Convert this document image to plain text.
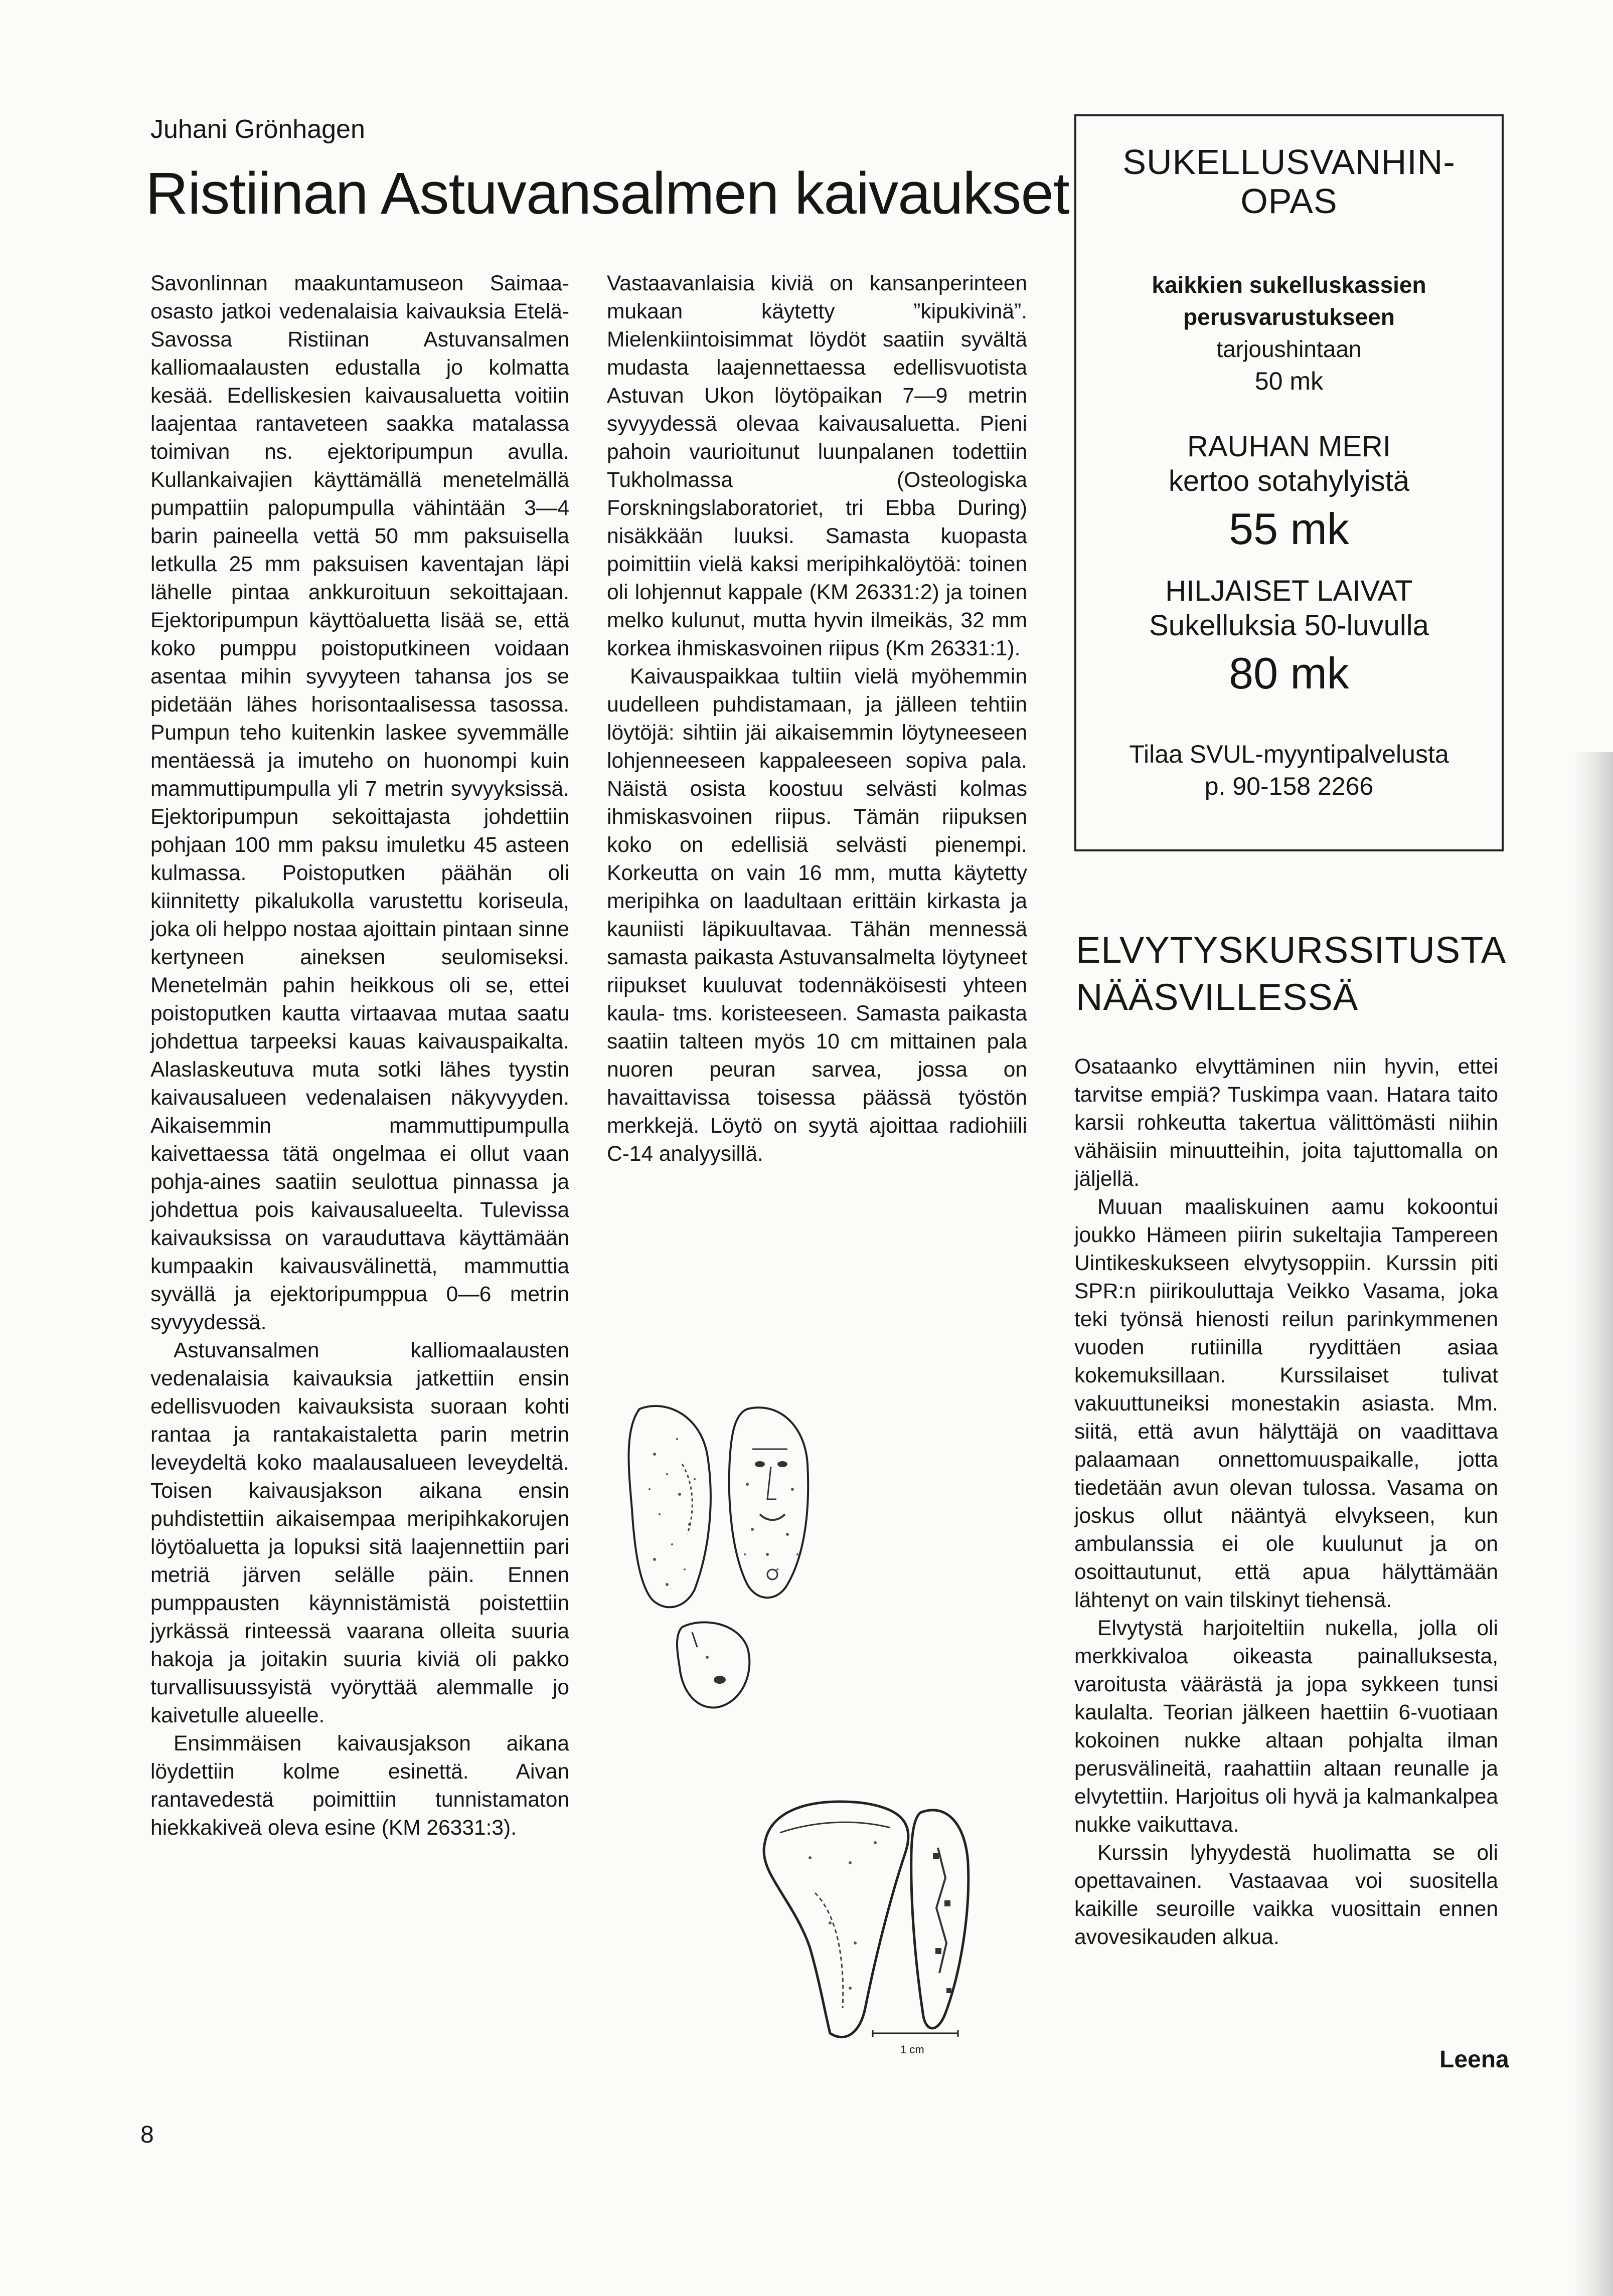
Juhani Grönhagen
Ristiinan Astuvansalmen kaivaukset

Savonlinnan maakuntamuseon Saimaa-osasto jatkoi vedenalaisia kaivauksia Etelä-Savossa Ristiinan Astuvansalmen kalliomaalausten edustalla jo kolmatta kesää. Edelliskesien kaivausaluetta voitiin laajentaa rantaveteen saakka matalassa toimivan ns. ejektoripumpun avulla. Kullankaivajien käyttämällä menetelmällä pumpattiin palopumpulla vähintään 3—4 barin paineella vettä 50 mm paksuisella letkulla 25 mm paksuisen kaventajan läpi lähelle pintaa ankkuroituun sekoittajaan. Ejektoripumpun käyttöaluetta lisää se, että koko pumppu poistoputkineen voidaan asentaa mihin syvyyteen tahansa jos se pidetään lähes horisontaalisessa tasossa. Pumpun teho kuitenkin laskee syvemmälle mentäessä ja imuteho on huonompi kuin mammuttipumpulla yli 7 metrin syvyyksissä. Ejektoripumpun sekoittajasta johdettiin pohjaan 100 mm paksu imuletku 45 asteen kulmassa. Poistoputken päähän oli kiinnitetty pikalukolla varustettu koriseula, joka oli helppo nostaa ajoittain pintaan sinne kertyneen aineksen seulomiseksi. Menetelmän pahin heikkous oli se, ettei poistoputken kautta virtaavaa mutaa saatu johdettua tarpeeksi kauas kaivauspaikalta. Alaslaskeutuva muta sotki lähes tyystin kaivausalueen vedenalaisen näkyvyyden. Aikaisemmin mammuttipumpulla kaivettaessa tätä ongelmaa ei ollut vaan pohja-aines saatiin seulottua pinnassa ja johdettua pois kaivausalueelta. Tulevissa kaivauksissa on varauduttava käyttämään kumpaakin kaivausvälinettä, mammuttia syvällä ja ejektoripumppua 0—6 metrin syvyydessä.

Astuvansalmen kalliomaalausten vedenalaisia kaivauksia jatkettiin ensin edellisvuoden kaivauksista suoraan kohti rantaa ja rantakaistaletta parin metrin leveydeltä koko maalausalueen leveydeltä. Toisen kaivausjakson aikana ensin puhdistettiin aikaisempaa meripihkakorujen löytöaluetta ja lopuksi sitä laajennettiin pari metriä järven selälle päin. Ennen pumppausten käynnistämistä poistettiin jyrkässä rinteessä vaarana olleita suuria hakoja ja joitakin suuria kiviä oli pakko turvallisuussyistä vyöryttää alemmalle jo kaivetulle alueelle.

Ensimmäisen kaivausjakson aikana löydettiin kolme esinettä. Aivan rantavedestä poimittiin tunnistamaton hiekkakiveä oleva esine (KM 26331:3).

Vastaavanlaisia kiviä on kansanperinteen mukaan käytetty ”kipukivinä”. Mielenkiintoisimmat löydöt saatiin syvältä mudasta laajennettaessa edellisvuotista Astuvan Ukon löytöpaikan 7—9 metrin syvyydessä olevaa kaivausaluetta. Pieni pahoin vaurioitunut luunpalanen todettiin Tukholmassa (Osteologiska Forskningslaboratoriet, tri Ebba During) nisäkkään luuksi. Samasta kuopasta poimittiin vielä kaksi meripihkalöytöä: toinen oli lohjennut kappale (KM 26331:2) ja toinen melko kulunut, mutta hyvin ilmeikäs, 32 mm korkea ihmiskasvoinen riipus (Km 26331:1).

Kaivauspaikkaa tultiin vielä myöhemmin uudelleen puhdistamaan, ja jälleen tehtiin löytöjä: sihtiin jäi aikaisemmin löytyneeseen lohjenneeseen kappaleeseen sopiva pala. Näistä osista koostuu selvästi kolmas ihmiskasvoinen riipus. Tämän riipuksen koko on edellisiä selvästi pienempi. Korkeutta on vain 16 mm, mutta käytetty meripihka on laadultaan erittäin kirkasta ja kauniisti läpikuultavaa. Tähän mennessä samasta paikasta Astuvansalmelta löytyneet riipukset kuuluvat todennäköisesti yhteen kaula- tms. koristeeseen. Samasta paikasta saatiin talteen myös 10 cm mittainen pala nuoren peuran sarvea, jossa on havaittavissa toisessa päässä työstön merkkejä. Löytö on syytä ajoittaa radiohiili C-14 analyysillä.

1 cm
SUKELLUSVANHIN-
OPAS
kaikkien sukelluskassien
perusvarustukseen
tarjoushintaan
50 mk
RAUHAN MERI
kertoo sotahylyistä
55 mk
HILJAISET LAIVAT
Sukelluksia 50-luvulla
80 mk
Tilaa SVUL-myyntipalvelusta
p. 90-158 2266
ELVYTYSKURSSITUSTA
NÄÄSVILLESSÄ

Osataanko elvyttäminen niin hyvin, ettei tarvitse empiä? Tuskimpa vaan. Hatara taito karsii rohkeutta takertua välittömästi niihin vähäisiin minuutteihin, joita tajuttomalla on jäljellä.

Muuan maaliskuinen aamu kokoontui joukko Hämeen piirin sukeltajia Tampereen Uintikeskukseen elvytysoppiin. Kurssin piti SPR:n piirikouluttaja Veikko Vasama, joka teki työnsä hienosti reilun parinkymmenen vuoden rutiinilla ryydittäen asiaa kokemuksillaan. Kurssilaiset tulivat vakuuttuneiksi monestakin asiasta. Mm. siitä, että avun hälyttäjä on vaadittava palaamaan onnettomuuspaikalle, jotta tiedetään avun olevan tulossa. Vasama on joskus ollut nääntyä elvykseen, kun ambulanssia ei ole kuulunut ja on osoittautunut, että apua hälyttämään lähtenyt on vain tilskinyt tiehensä.

Elvytystä harjoiteltiin nukella, jolla oli merkkivaloa oikeasta painalluksesta, varoitusta väärästä ja jopa sykkeen tunsi kaulalta. Teorian jälkeen haettiin 6-vuotiaan kokoinen nukke altaan pohjalta ilman perusvälineitä, raahattiin altaan reunalle ja elvytettiin. Harjoitus oli hyvä ja kalmankalpea nukke vaikuttava.

Kurssin lyhyydestä huolimatta se oli opettavainen. Vastaavaa voi suositella kaikille seuroille vaikka vuosittain ennen avovesikauden alkua.

Leena
8
